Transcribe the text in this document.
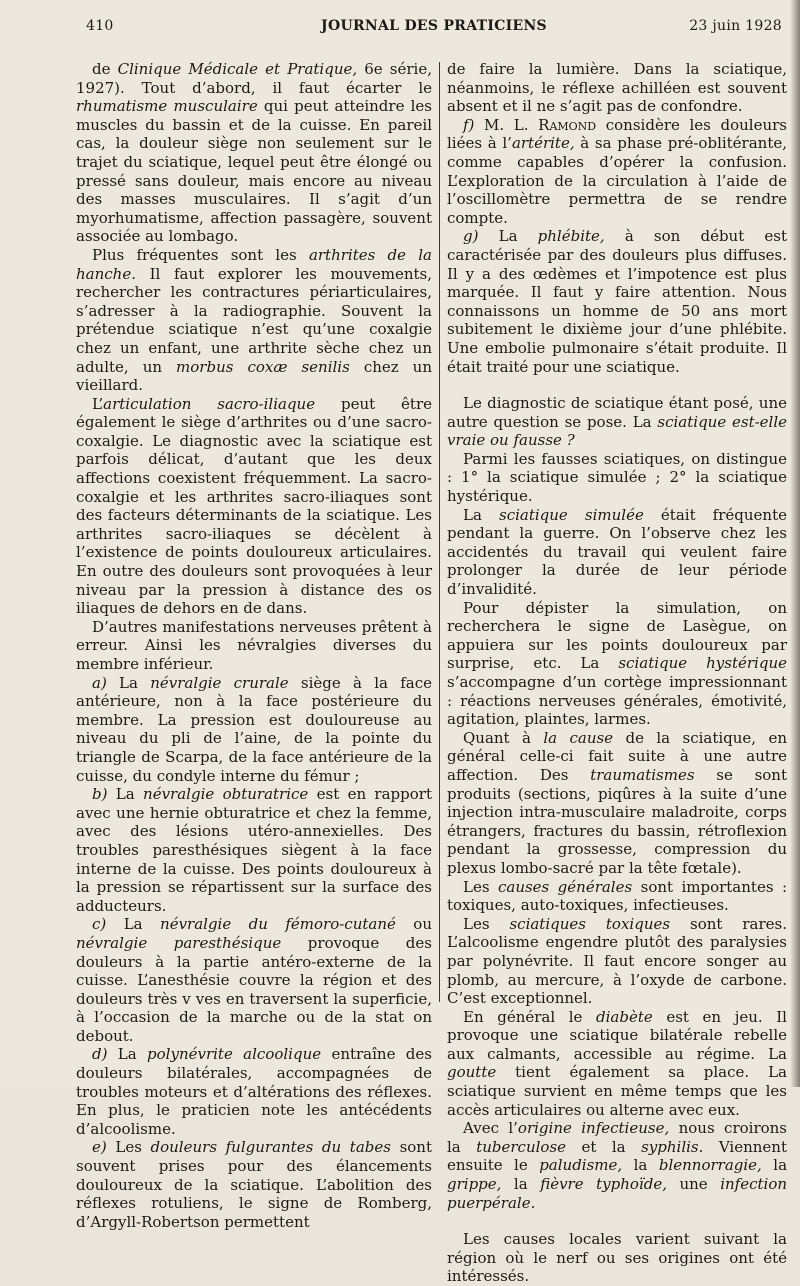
410	JOURNAL DES PRATICIENS	23 juin 1928

de Clinique Médicale et Pratique, 6e série, 1927). Tout d’abord, il faut écarter le rhumatisme musculaire qui peut atteindre les muscles du bassin et de la cuisse. En pareil cas, la douleur siège non seulement sur le trajet du sciatique, lequel peut être élongé ou pressé sans douleur, mais encore au niveau des masses musculaires. Il s’agit d’un myorhumatisme, affection passagère, souvent associée au lombago.

Plus fréquentes sont les arthrites de la hanche. Il faut explorer les mouvements, rechercher les contractures périarticulaires, s’adresser à la radiographie. Souvent la prétendue sciatique n’est qu’une coxalgie chez un enfant, une arthrite sèche chez un adulte, un morbus coxæ senilis chez un vieillard.

L’articulation sacro-iliaque peut être également le siège d’arthrites ou d’une sacro-coxalgie. Le diagnostic avec la sciatique est parfois délicat, d’autant que les deux affections coexistent fréquemment. La sacro-coxalgie et les arthrites sacro-iliaques sont des facteurs déterminants de la sciatique. Les arthrites sacro-iliaques se décèlent à l’existence de points douloureux articulaires. En outre des douleurs sont provoquées à leur niveau par la pression à distance des os iliaques de dehors en de dans.

D’autres manifestations nerveuses prêtent à erreur. Ainsi les névralgies diverses du membre inférieur.

a) La névralgie crurale siège à la face antérieure, non à la face postérieure du membre. La pression est douloureuse au niveau du pli de l’aine, de la pointe du triangle de Scarpa, de la face antérieure de la cuisse, du condyle interne du fémur ;

b) La névralgie obturatrice est en rapport avec une hernie obturatrice et chez la femme, avec des lésions utéro-annexielles. Des troubles paresthésiques siègent à la face interne de la cuisse. Des points douloureux à la pression se répartissent sur la surface des adducteurs.

c) La névralgie du fémoro-cutané ou névralgie paresthésique provoque des douleurs à la partie antéro-externe de la cuisse. L’anesthésie couvre la région et des douleurs très v ves en traversent la superficie, à l’occasion de la marche ou de la stat on debout.

d) La polynévrite alcoolique entraîne des douleurs bilatérales, accompagnées de troubles moteurs et d’altérations des réflexes. En plus, le praticien note les antécédents d’alcoolisme.

e) Les douleurs fulgurantes du tabes sont souvent prises pour des élancements douloureux de la sciatique. L’abolition des réflexes rotuliens, le signe de Romberg, d’Argyll-Robertson permettent

de faire la lumière. Dans la sciatique, néanmoins, le réflexe achilléen est souvent absent et il ne s’agit pas de confondre.

f) M. L. Ramond considère les douleurs liées à l’artérite, à sa phase pré-oblitérante, comme capables d’opérer la confusion. L’exploration de la circulation à l’aide de l’oscillomètre permettra de se rendre compte.

g) La phlébite, à son début est caractérisée par des douleurs plus diffuses. Il y a des œdèmes et l’impotence est plus marquée. Il faut y faire attention. Nous connaissons un homme de 50 ans mort subitement le dixième jour d’une phlébite. Une embolie pulmonaire s’était produite. Il était traité pour une sciatique.

Le diagnostic de sciatique étant posé, une autre question se pose. La sciatique est-elle vraie ou fausse ?

Parmi les fausses sciatiques, on distingue : 1° la sciatique simulée ; 2° la sciatique hystérique.

La sciatique simulée était fréquente pendant la guerre. On l’observe chez les accidentés du travail qui veulent faire prolonger la durée de leur période d’invalidité.

Pour dépister la simulation, on recherchera le signe de Lasègue, on appuiera sur les points douloureux par surprise, etc. La sciatique hystérique s’accompagne d’un cortège impressionnant : réactions nerveuses générales, émotivité, agitation, plaintes, larmes.

Quant à la cause de la sciatique, en général celle-ci fait suite à une autre affection. Des traumatismes se sont produits (sections, piqûres à la suite d’une injection intra-musculaire maladroite, corps étrangers, fractures du bassin, rétroflexion pendant la grossesse, compression du plexus lombo-sacré par la tête fœtale).

Les causes générales sont importantes : toxiques, auto-toxiques, infectieuses.

Les sciatiques toxiques sont rares. L’alcoolisme engendre plutôt des paralysies par polynévrite. Il faut encore songer au plomb, au mercure, à l’oxyde de carbone. C’est exceptionnel.

En général le diabète est en jeu. Il provoque une sciatique bilatérale rebelle aux calmants, accessible au régime. La goutte tient également sa place. La sciatique survient en même temps que les accès articulaires ou alterne avec eux.

Avec l’origine infectieuse, nous croirons la tuberculose et la syphilis. Viennent ensuite le paludisme, la blennorragie, la grippe, la fièvre typhoïde, une infection puerpérale.

Les causes locales varient suivant la région où le nerf ou ses origines ont été intéressés.
